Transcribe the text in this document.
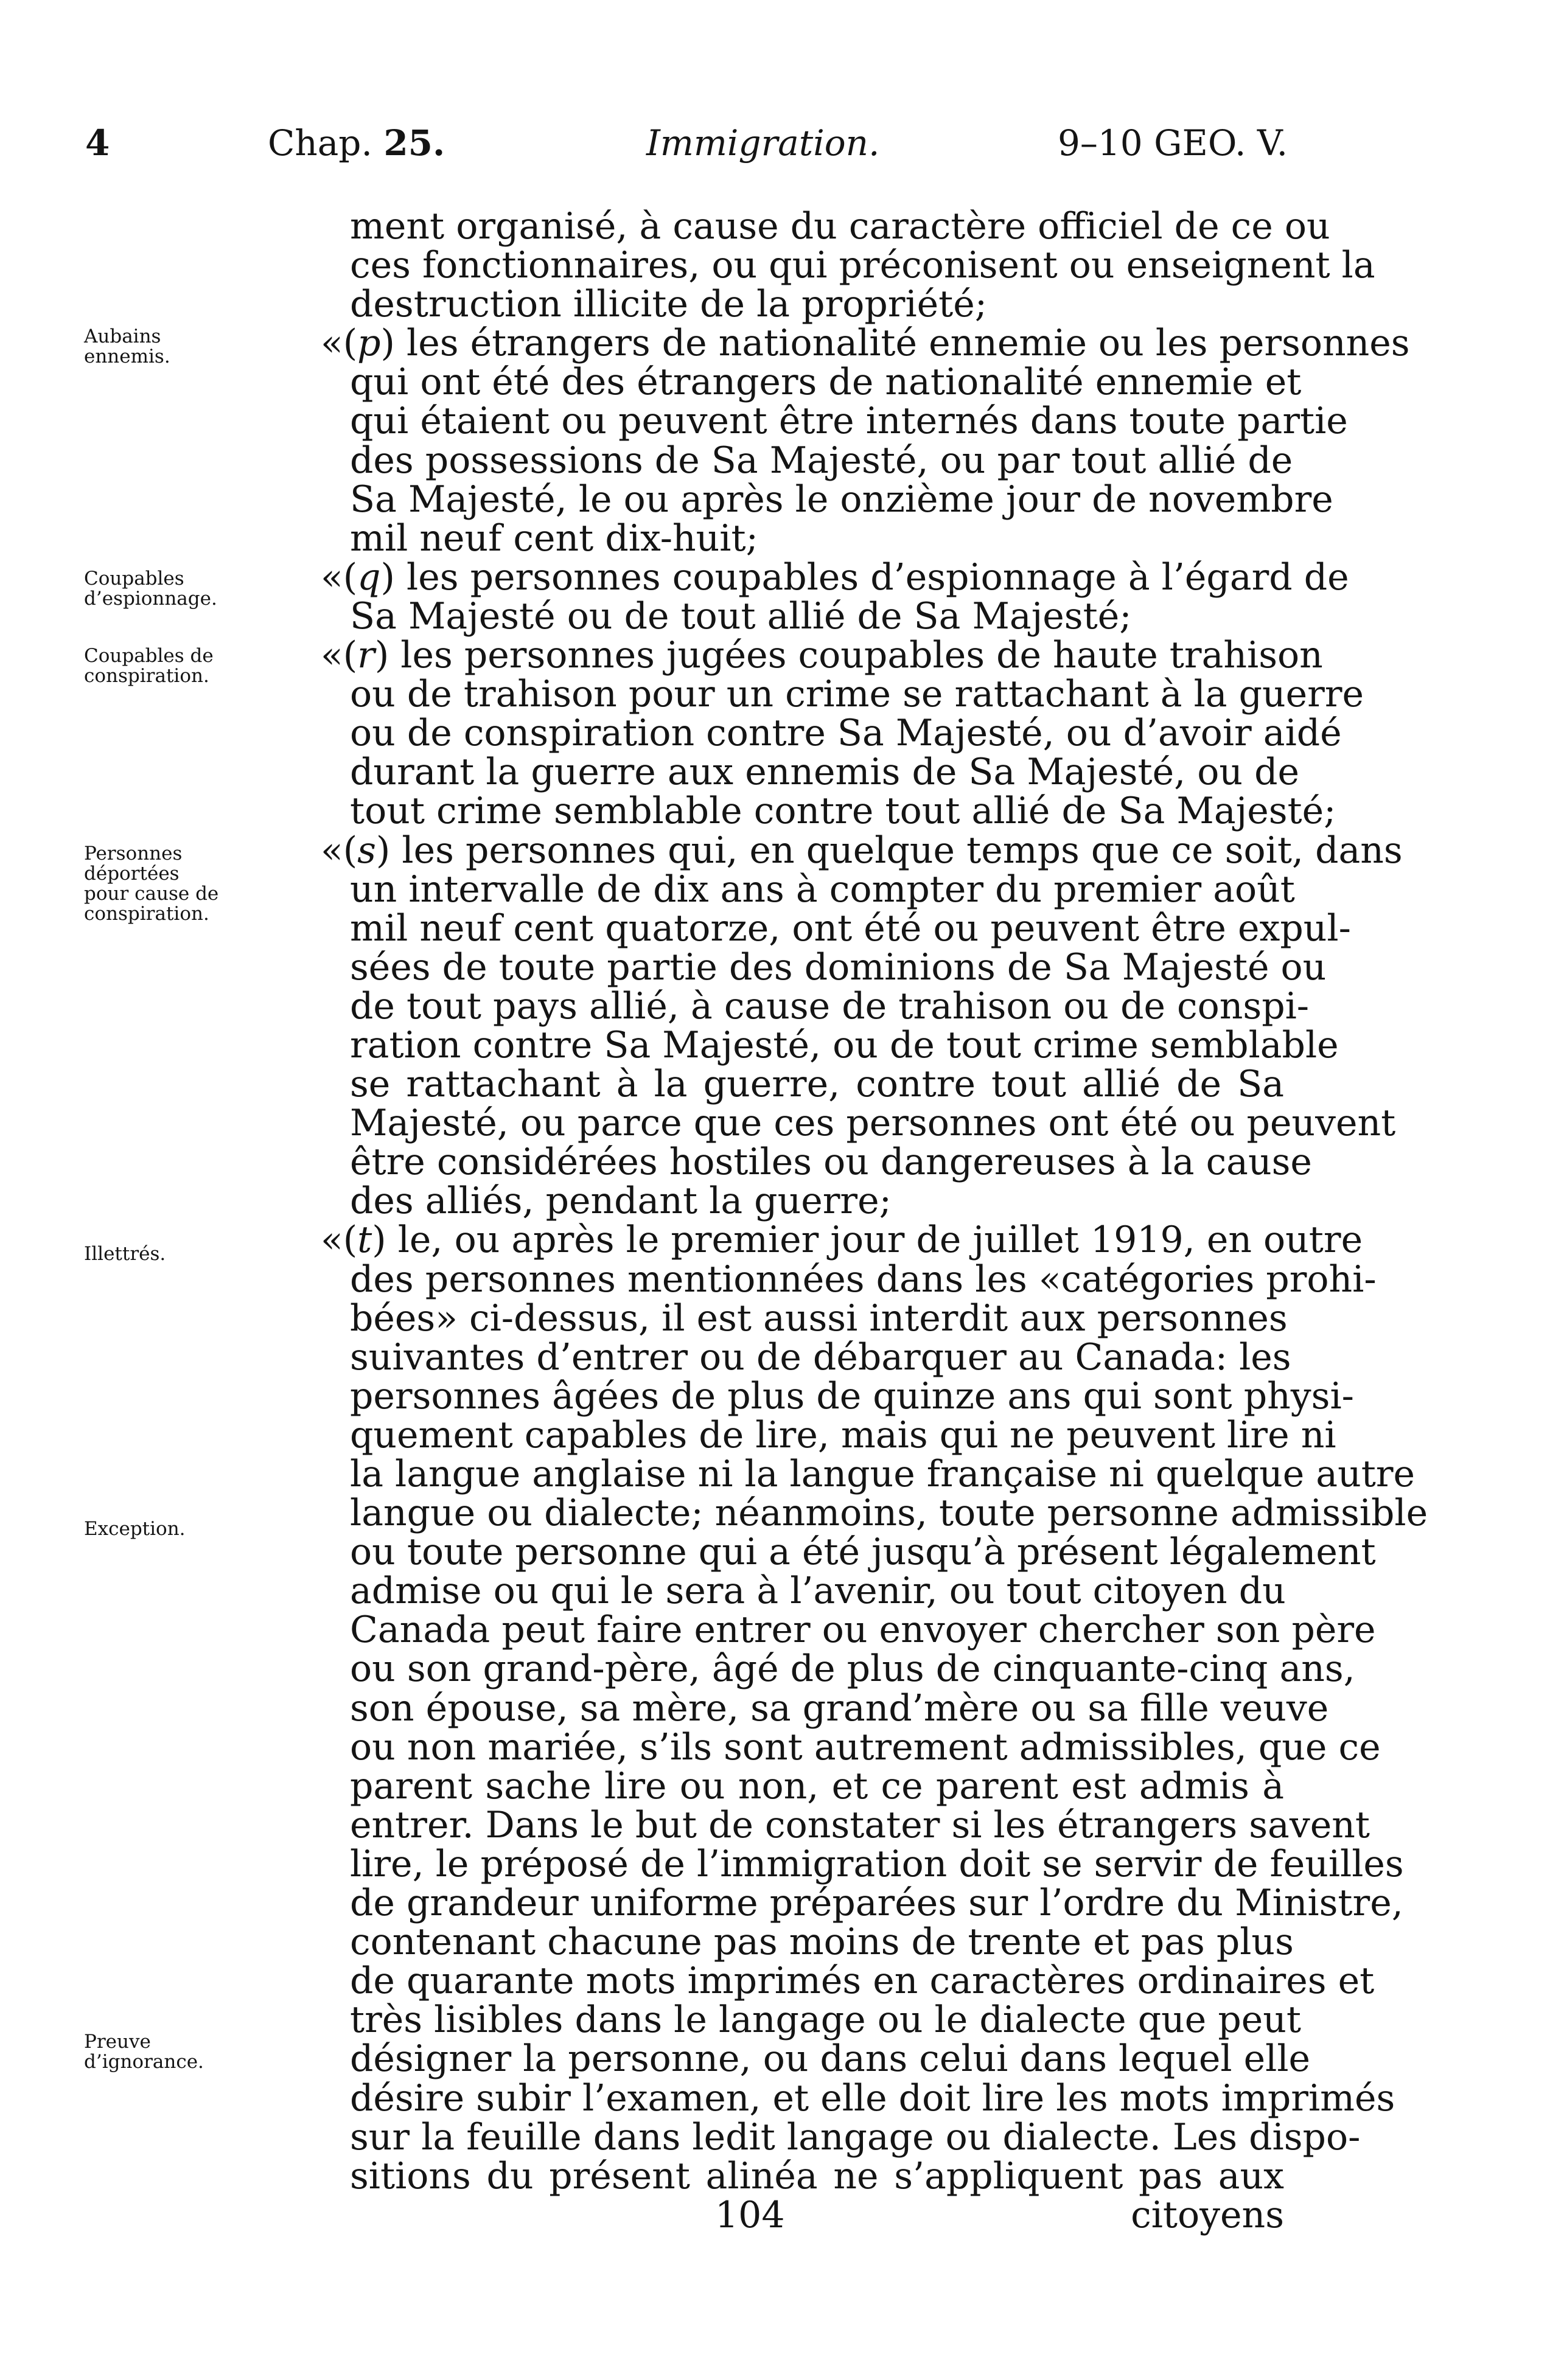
4	Chap. 25.	Immigration.	9–10 GEO. V.
Aubains
ennemis.
Coupables
d’espionnage.
Coupables de
conspiration.
Personnes
déportées
pour cause de
conspiration.
Illettrés.
Exception.
Preuve
d’ignorance.
ment organisé, à cause du caractère officiel de ce ou
ces fonctionnaires, ou qui préconisent ou enseignent la
destruction illicite de la propriété;
«(p) les étrangers de nationalité ennemie ou les personnes
qui ont été des étrangers de nationalité ennemie et
qui étaient ou peuvent être internés dans toute partie
des possessions de Sa Majesté, ou par tout allié de
Sa Majesté, le ou après le onzième jour de novembre
mil neuf cent dix-huit;
«(q) les personnes coupables d’espionnage à l’égard de
Sa Majesté ou de tout allié de Sa Majesté;
«(r) les personnes jugées coupables de haute trahison
ou de trahison pour un crime se rattachant à la guerre
ou de conspiration contre Sa Majesté, ou d’avoir aidé
durant la guerre aux ennemis de Sa Majesté, ou de
tout crime semblable contre tout allié de Sa Majesté;
«(s) les personnes qui, en quelque temps que ce soit, dans
un intervalle de dix ans à compter du premier août
mil neuf cent quatorze, ont été ou peuvent être expul-
sées de toute partie des dominions de Sa Majesté ou
de tout pays allié, à cause de trahison ou de conspi-
ration contre Sa Majesté, ou de tout crime semblable
se rattachant à la guerre, contre tout allié de Sa
Majesté, ou parce que ces personnes ont été ou peuvent
être considérées hostiles ou dangereuses à la cause
des alliés, pendant la guerre;
«(t) le, ou après le premier jour de juillet 1919, en outre
des personnes mentionnées dans les «catégories prohi-
bées» ci-dessus, il est aussi interdit aux personnes
suivantes d’entrer ou de débarquer au Canada: les
personnes âgées de plus de quinze ans qui sont physi-
quement capables de lire, mais qui ne peuvent lire ni
la langue anglaise ni la langue française ni quelque autre
langue ou dialecte; néanmoins, toute personne admissible
ou toute personne qui a été jusqu’à présent légalement
admise ou qui le sera à l’avenir, ou tout citoyen du
Canada peut faire entrer ou envoyer chercher son père
ou son grand-père, âgé de plus de cinquante-cinq ans,
son épouse, sa mère, sa grand’mère ou sa fille veuve
ou non mariée, s’ils sont autrement admissibles, que ce
parent sache lire ou non, et ce parent est admis à
entrer. Dans le but de constater si les étrangers savent
lire, le préposé de l’immigration doit se servir de feuilles
de grandeur uniforme préparées sur l’ordre du Ministre,
contenant chacune pas moins de trente et pas plus
de quarante mots imprimés en caractères ordinaires et
très lisibles dans le langage ou le dialecte que peut
désigner la personne, ou dans celui dans lequel elle
désire subir l’examen, et elle doit lire les mots imprimés
sur la feuille dans ledit langage ou dialecte. Les dispo-
sitions du présent alinéa ne s’appliquent pas aux
104	citoyens
